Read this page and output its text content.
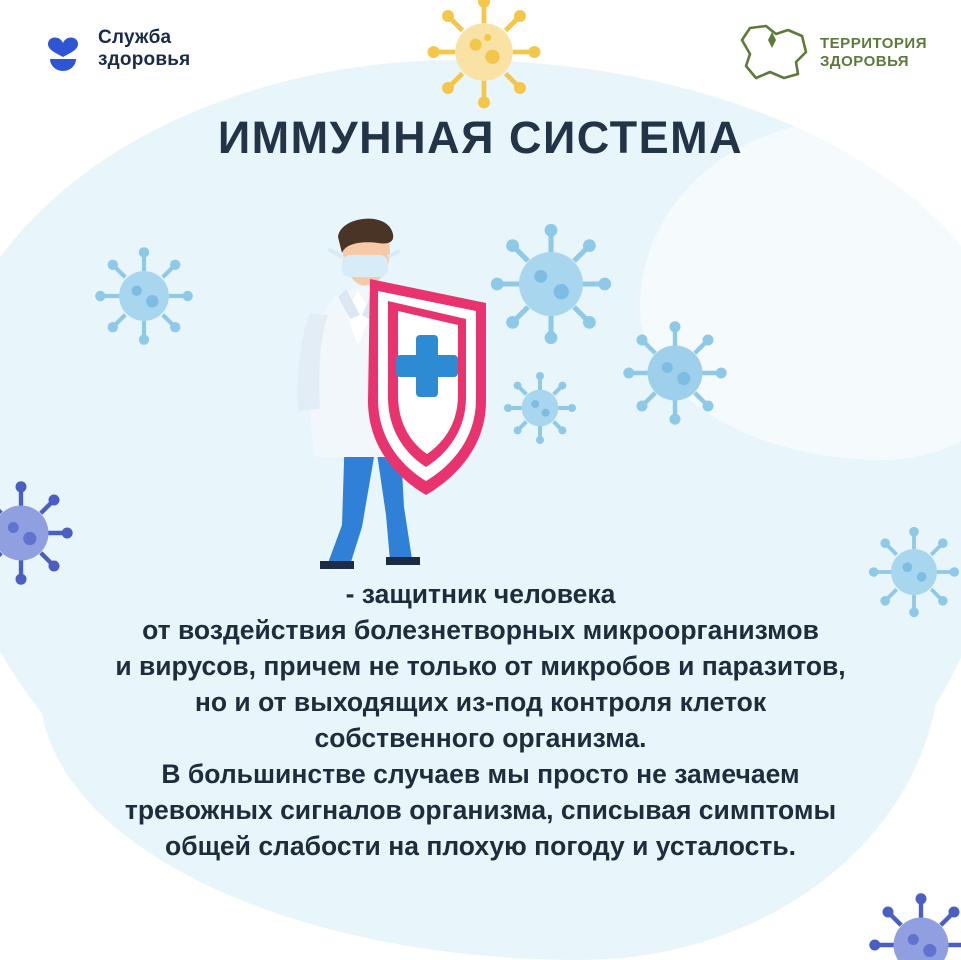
Служба
здоровья
ТЕРРИТОРИЯ
ЗДОРОВЬЯ
ИММУННАЯ СИСТЕМА

- защитник человека

от воздействия болезнетворных микроорганизмов

и вирусов, причем не только от микробов и паразитов,

но и от выходящих из-под контроля клеток

собственного организма.

В большинстве случаев мы просто не замечаем

тревожных сигналов организма, списывая симптомы

общей слабости на плохую погоду и усталость.
